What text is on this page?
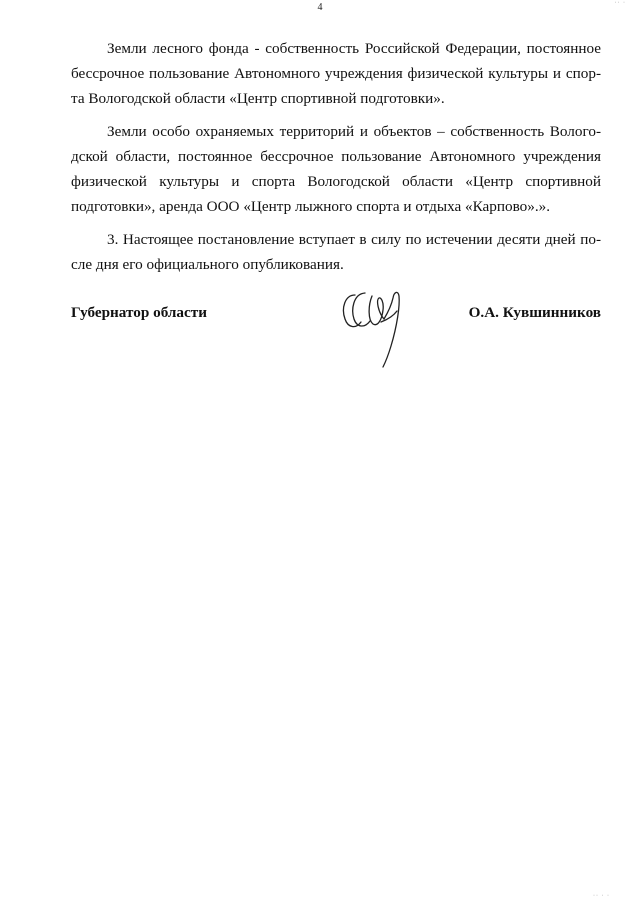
4	·· ·

Земли лесного фонда - собственность Российской Федерации, постоянное бессрочное пользование Автономного учреждения физической культуры и спорта Вологодской области «Центр спортивной подготовки».

Земли особо охраняемых территорий и объектов – собственность Вологодской области, постоянное бессрочное пользование Автономного учреждения физической культуры и спорта Вологодской области «Центр спортивной подготовки», аренда ООО «Центр лыжного спорта и отдыха «Карпово».».

3. Настоящее постановление вступает в силу по истечении десяти дней после дня его официального опубликования.

Губернатор области	О.А. Кувшинников
·· · ·
